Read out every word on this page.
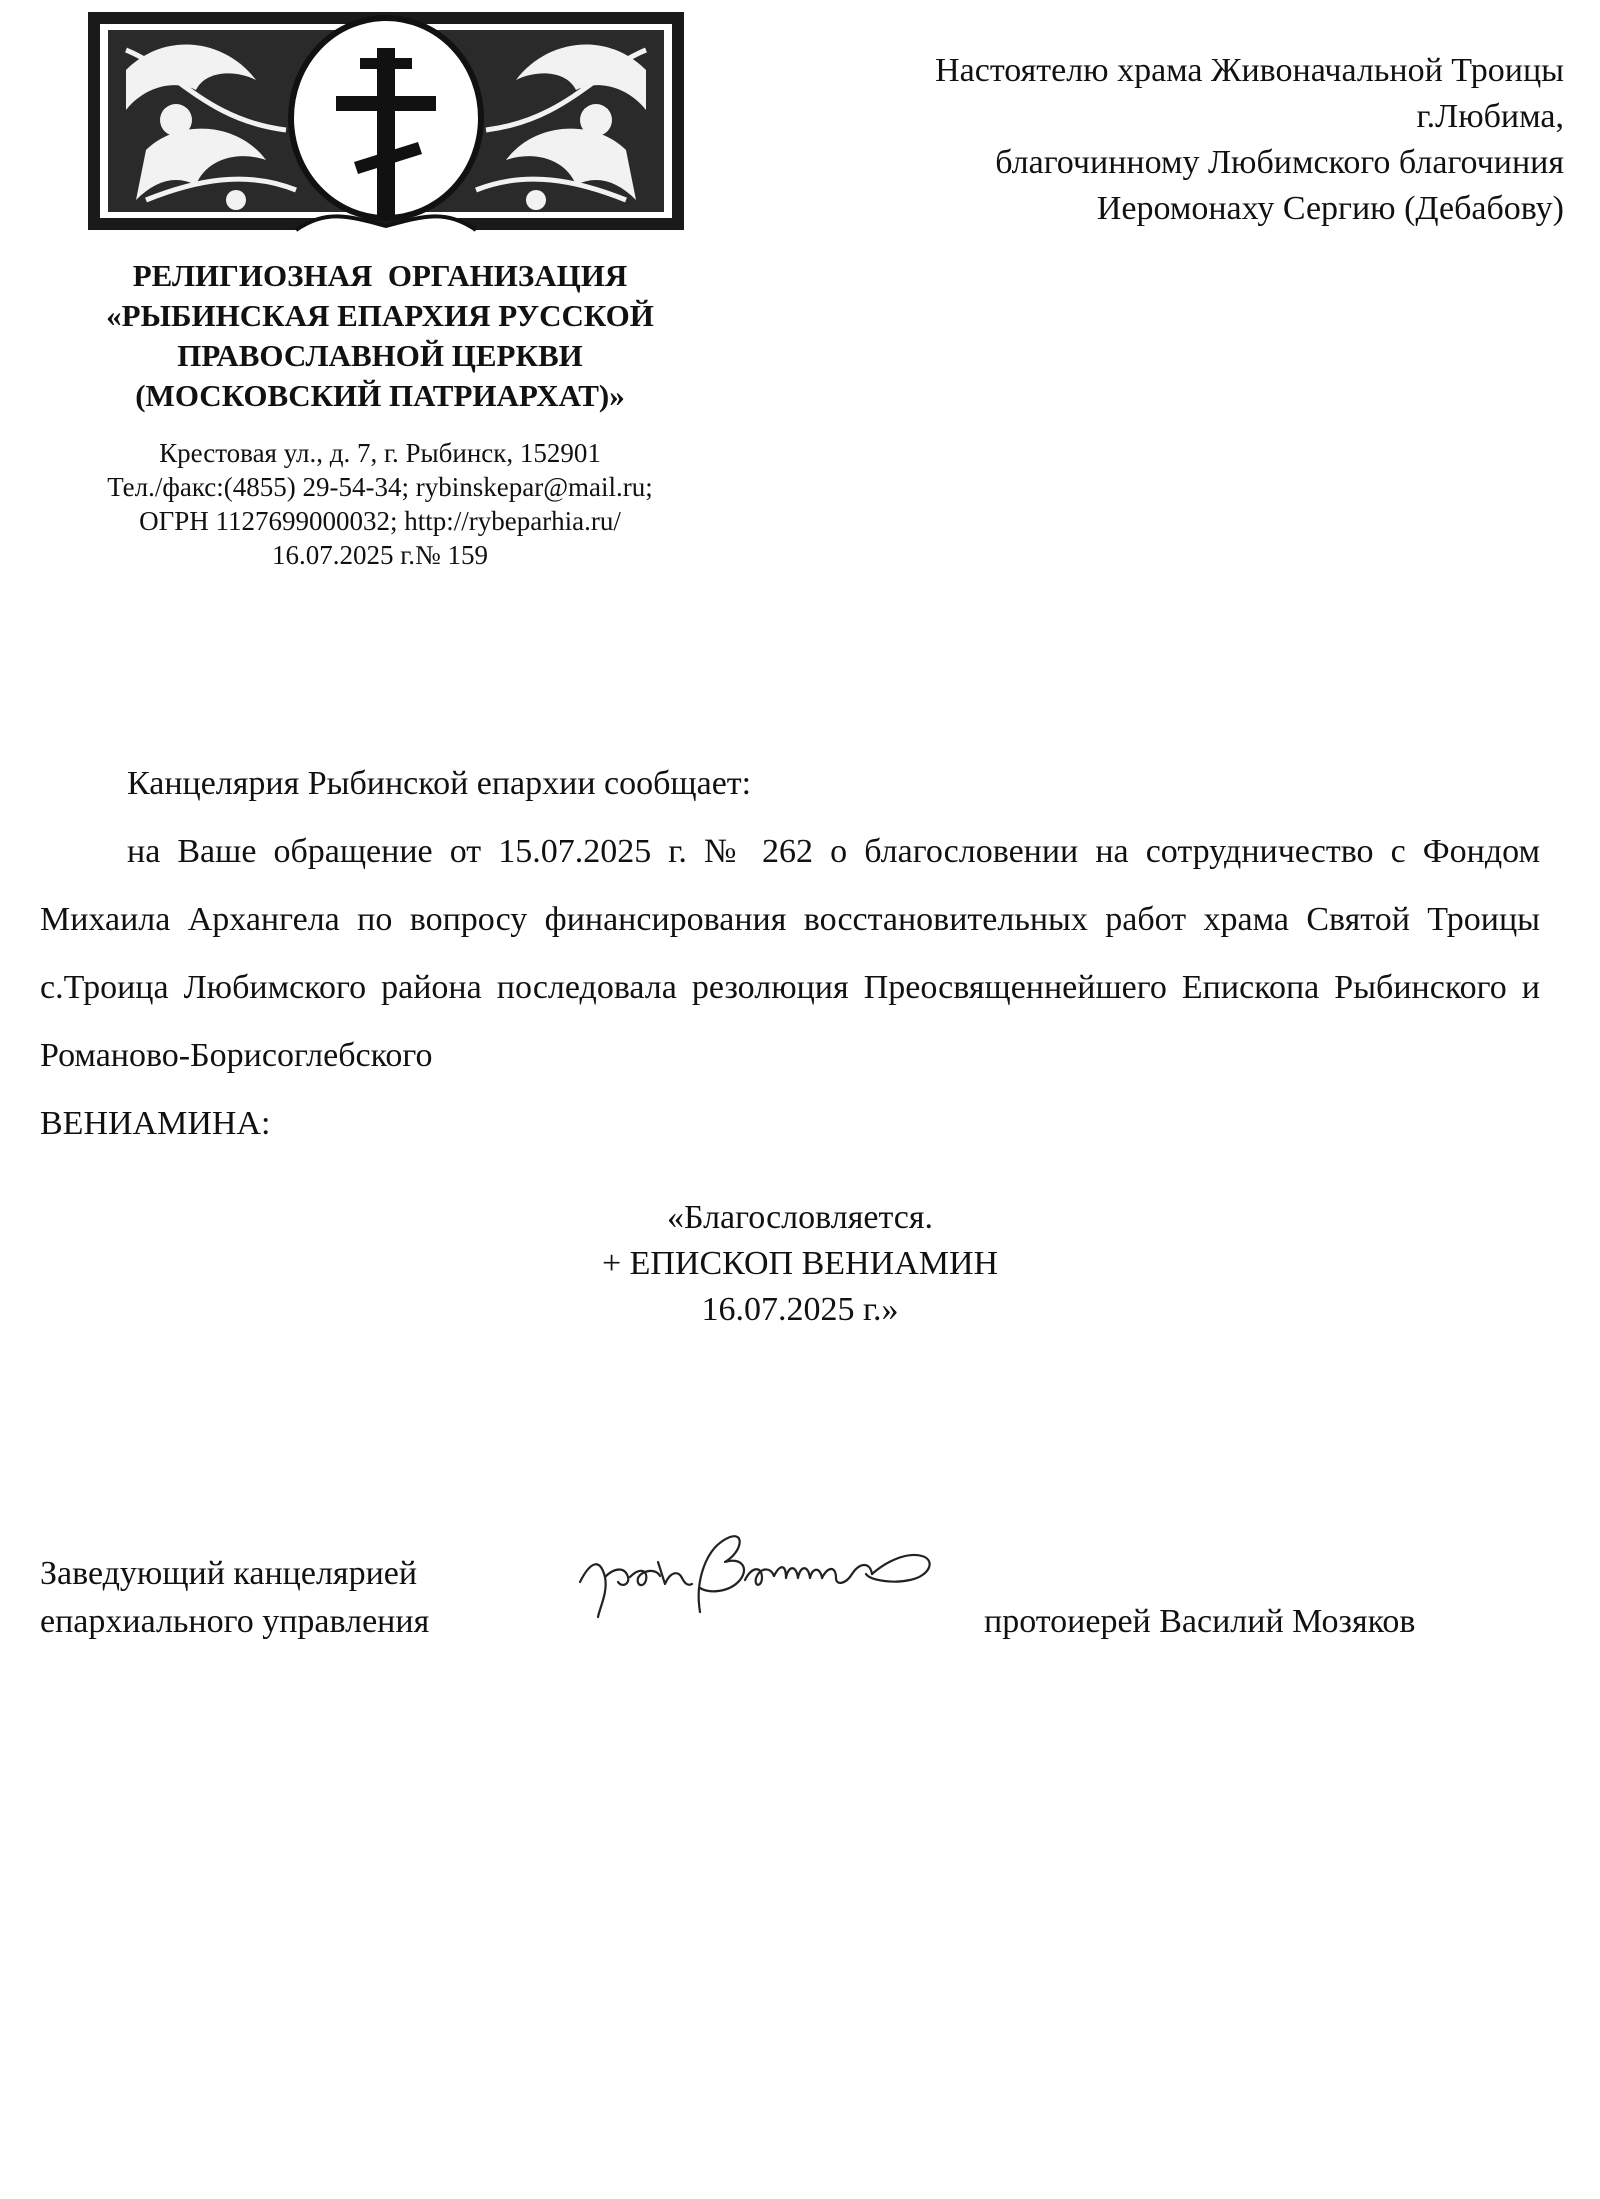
РЕЛИГИОЗНАЯ  ОРГАНИЗАЦИЯ
«РЫБИНСКАЯ ЕПАРХИЯ РУССКОЙ
ПРАВОСЛАВНОЙ ЦЕРКВИ
(МОСКОВСКИЙ ПАТРИАРХАТ)»
Крестовая ул., д. 7, г. Рыбинск, 152901
Тел./факс:(4855) 29-54-34; rybinskepar@mail.ru;
ОГРН 1127699000032; http://rybeparhia.ru/
16.07.2025 г.№ 159
Настоятелю храма Живоначальной Троицы
г.Любима,
благочинному Любимского благочиния
Иеромонаху Сергию (Дебабову)

Канцелярия Рыбинской епархии сообщает:

на Ваше обращение от 15.07.2025 г. № 262 о благословении на сотрудничество с Фондом Михаила Архангела по вопросу финансирования восстановительных работ храма Святой Троицы с.Троица Любимского района последовала резолюция Преосвященнейшего Епископа Рыбинского и Романово-Борисоглебского

ВЕНИАМИНА:

«Благословляется.
+ ЕПИСКОП ВЕНИАМИН
16.07.2025 г.»
Заведующий канцелярией
епархиального управления	протоиерей Василий Мозяков
